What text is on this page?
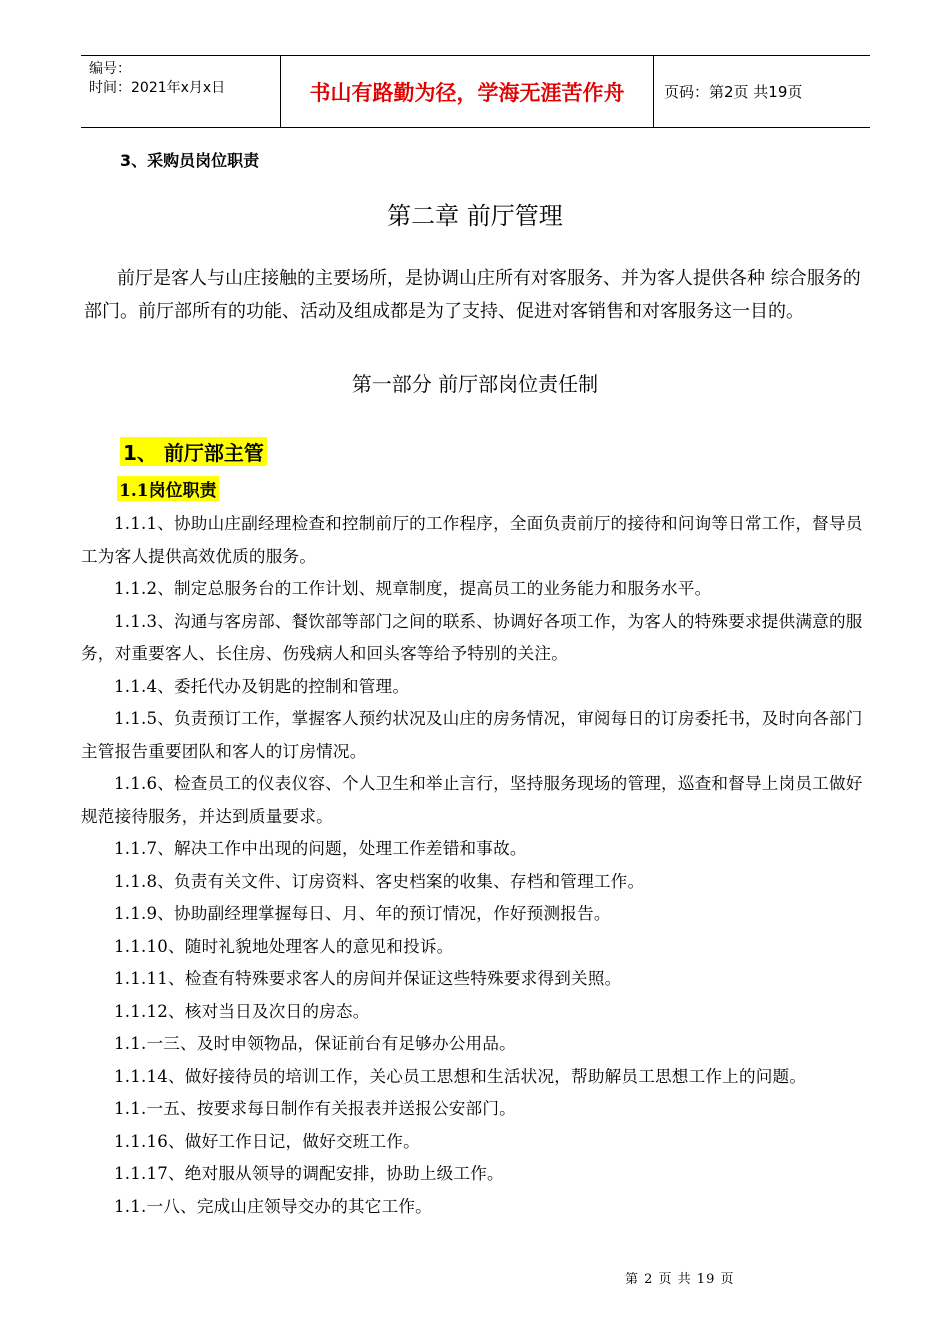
编号：
时间：2021年x月x日	书山有路勤为径，学海无涯苦作舟	页码：第2页 共19页
3、采购员岗位职责
第二章 前厅管理
前厅是客人与山庄接触的主要场所，是协调山庄所有对客服务、并为客人提供各种 综合服务的部门。前厅部所有的功能、活动及组成都是为了支持、促进对客销售和对客服务这一目的。
第一部分 前厅部岗位责任制
1、 前厅部主管
1.1岗位职责

1.1.1、协助山庄副经理检查和控制前厅的工作程序，全面负责前厅的接待和问询等日常工作，督导员工为客人提供高效优质的服务。

1.1.2、制定总服务台的工作计划、规章制度，提高员工的业务能力和服务水平。

1.1.3、沟通与客房部、餐饮部等部门之间的联系、协调好各项工作，为客人的特殊要求提供满意的服务，对重要客人、长住房、伤残病人和回头客等给予特别的关注。

1.1.4、委托代办及钥匙的控制和管理。

1.1.5、负责预订工作，掌握客人预约状况及山庄的房务情况，审阅每日的订房委托书，及时向各部门主管报告重要团队和客人的订房情况。

1.1.6、检查员工的仪表仪容、个人卫生和举止言行，坚持服务现场的管理，巡查和督导上岗员工做好规范接待服务，并达到质量要求。

1.1.7、解决工作中出现的问题，处理工作差错和事故。

1.1.8、负责有关文件、订房资料、客史档案的收集、存档和管理工作。

1.1.9、协助副经理掌握每日、月、年的预订情况，作好预测报告。

1.1.10、随时礼貌地处理客人的意见和投诉。

1.1.11、检查有特殊要求客人的房间并保证这些特殊要求得到关照。

1.1.12、核对当日及次日的房态。

1.1.一三、及时申领物品，保证前台有足够办公用品。

1.1.14、做好接待员的培训工作，关心员工思想和生活状况，帮助解员工思想工作上的问题。

1.1.一五、按要求每日制作有关报表并送报公安部门。

1.1.16、做好工作日记，做好交班工作。

1.1.17、绝对服从领导的调配安排，协助上级工作。

1.1.一八、完成山庄领导交办的其它工作。

第 2 页 共 19 页
